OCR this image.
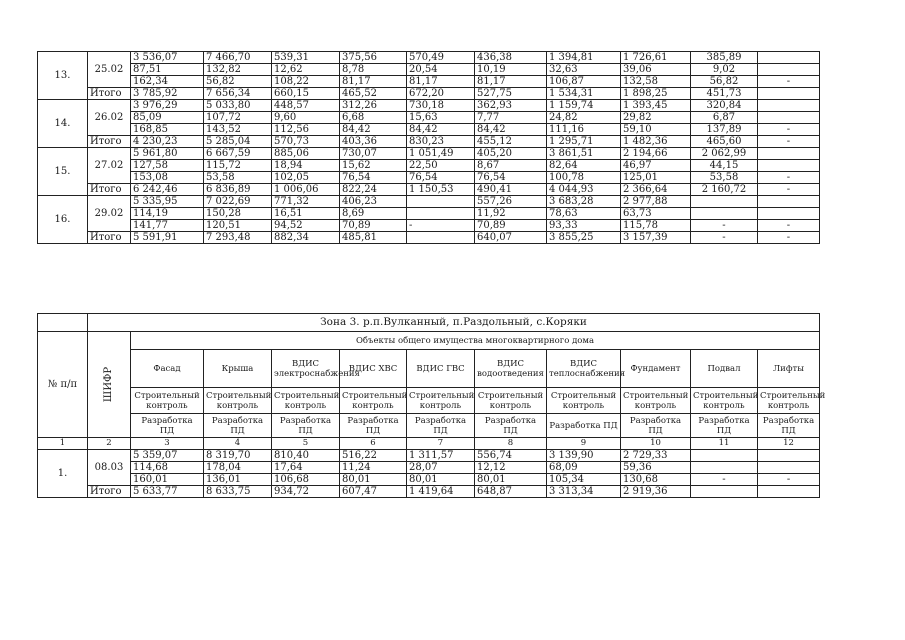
13.	25.02	3 536,07	7 466,70	539,31	375,56	570,49	436,38	1 394,81	1 726,61	385,89	
		87,51	132,82	12,62	8,78	20,54	10,19	32,63	39,06	9,02	
		162,34	56,82	108,22	81,17	81,17	81,17	106,87	132,58	56,82	-
	Итого	3 785,92	7 656,34	660,15	465,52	672,20	527,75	1 534,31	1 898,25	451,73	
14.	26.02	3 976,29	5 033,80	448,57	312,26	730,18	362,93	1 159,74	1 393,45	320,84	
		85,09	107,72	9,60	6,68	15,63	7,77	24,82	29,82	6,87	
		168,85	143,52	112,56	84,42	84,42	84,42	111,16	59,10	137,89	-
	Итого	4 230,23	5 285,04	570,73	403,36	830,23	455,12	1 295,71	1 482,36	465,60	-
15.	27.02	5 961,80	6 667,59	885,06	730,07	1 051,49	405,20	3 861,51	2 194,66	2 062,99	
		127,58	115,72	18,94	15,62	22,50	8,67	82,64	46,97	44,15	
		153,08	53,58	102,05	76,54	76,54	76,54	100,78	125,01	53,58	-
	Итого	6 242,46	6 836,89	1 006,06	822,24	1 150,53	490,41	4 044,93	2 366,64	2 160,72	-
16.	29.02	5 335,95	7 022,69	771,32	406,23		557,26	3 683,28	2 977,88		
		114,19	150,28	16,51	8,69		11,92	78,63	63,73		
		141,77	120,51	94,52	70,89	-	70,89	93,33	115,78	-	-
	Итого	5 591,91	7 293,48	882,34	485,81		640,07	3 855,25	3 157,39	-	-
	Зона 3. р.п.Вулканный, п.Раздольный, с.Коряки										
№ п/п	ШИФР	Объекты общего имущества многоквартирного дома									
		Фасад	Крыша	ВДИС электроснабжения	ВДИС ХВС	ВДИС ГВС	ВДИС водоотведения	ВДИС теплоснабжения	Фундамент	Подвал	Лифты
		Строительный контроль	Строительный контроль	Строительный контроль	Строительный контроль	Строительный контроль	Строительный контроль	Строительный контроль	Строительный контроль	Строительный контроль	Строительный контроль
		Разработка ПД	Разработка ПД	Разработка ПД	Разработка ПД	Разработка ПД	Разработка ПД	Разработка ПД	Разработка ПД	Разработка ПД	Разработка ПД
1	2	3	4	5	6	7	8	9	10	11	12
1.	08.03	5 359,07	8 319,70	810,40	516,22	1 311,57	556,74	3 139,90	2 729,33		
		114,68	178,04	17,64	11,24	28,07	12,12	68,09	59,36		
		160,01	136,01	106,68	80,01	80,01	80,01	105,34	130,68	-	-
	Итого	5 633,77	8 633,75	934,72	607,47	1 419,64	648,87	3 313,34	2 919,36		
